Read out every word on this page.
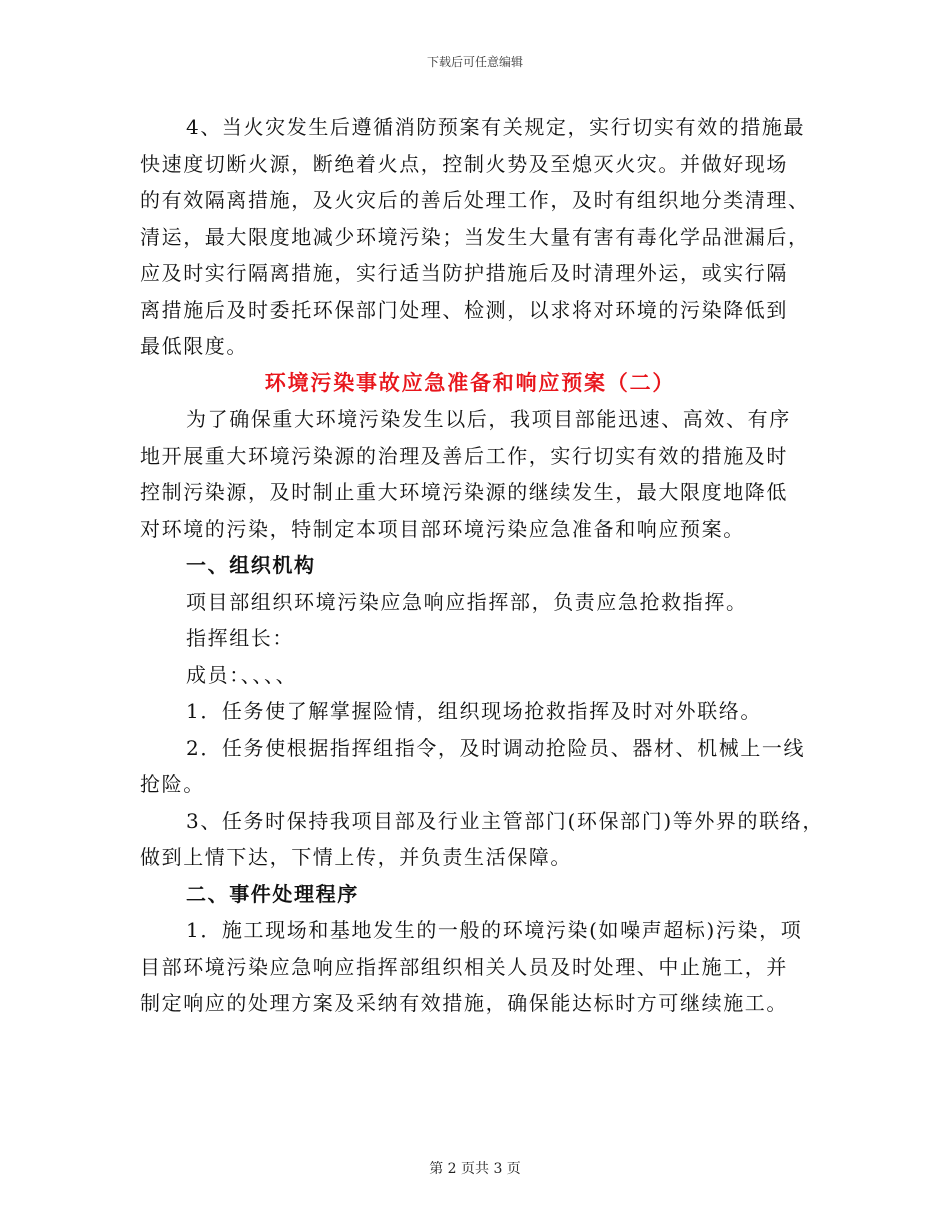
下载后可任意编辑
4、当火灾发生后遵循消防预案有关规定，实行切实有效的措施最
快速度切断火源，断绝着火点，控制火势及至熄灭火灾。并做好现场
的有效隔离措施，及火灾后的善后处理工作，及时有组织地分类清理、
清运，最大限度地减少环境污染；当发生大量有害有毒化学品泄漏后，
应及时实行隔离措施，实行适当防护措施后及时清理外运，或实行隔
离措施后及时委托环保部门处理、检测，以求将对环境的污染降低到
最低限度。
环境污染事故应急准备和响应预案（二）
为了确保重大环境污染发生以后，我项目部能迅速、高效、有序
地开展重大环境污染源的治理及善后工作，实行切实有效的措施及时
控制污染源，及时制止重大环境污染源的继续发生，最大限度地降低
对环境的污染，特制定本项目部环境污染应急准备和响应预案。
一、组织机构
项目部组织环境污染应急响应指挥部，负责应急抢救指挥。
指挥组长：
成员：、、、、
1．任务使了解掌握险情，组织现场抢救指挥及时对外联络。
2．任务使根据指挥组指令，及时调动抢险员、器材、机械上一线
抢险。
3、任务时保持我项目部及行业主管部门(环保部门)等外界的联络，
做到上情下达，下情上传，并负责生活保障。
二、事件处理程序
1．施工现场和基地发生的一般的环境污染(如噪声超标)污染，项
目部环境污染应急响应指挥部组织相关人员及时处理、中止施工，并
制定响应的处理方案及采纳有效措施，确保能达标时方可继续施工。
第 2 页共 3 页
